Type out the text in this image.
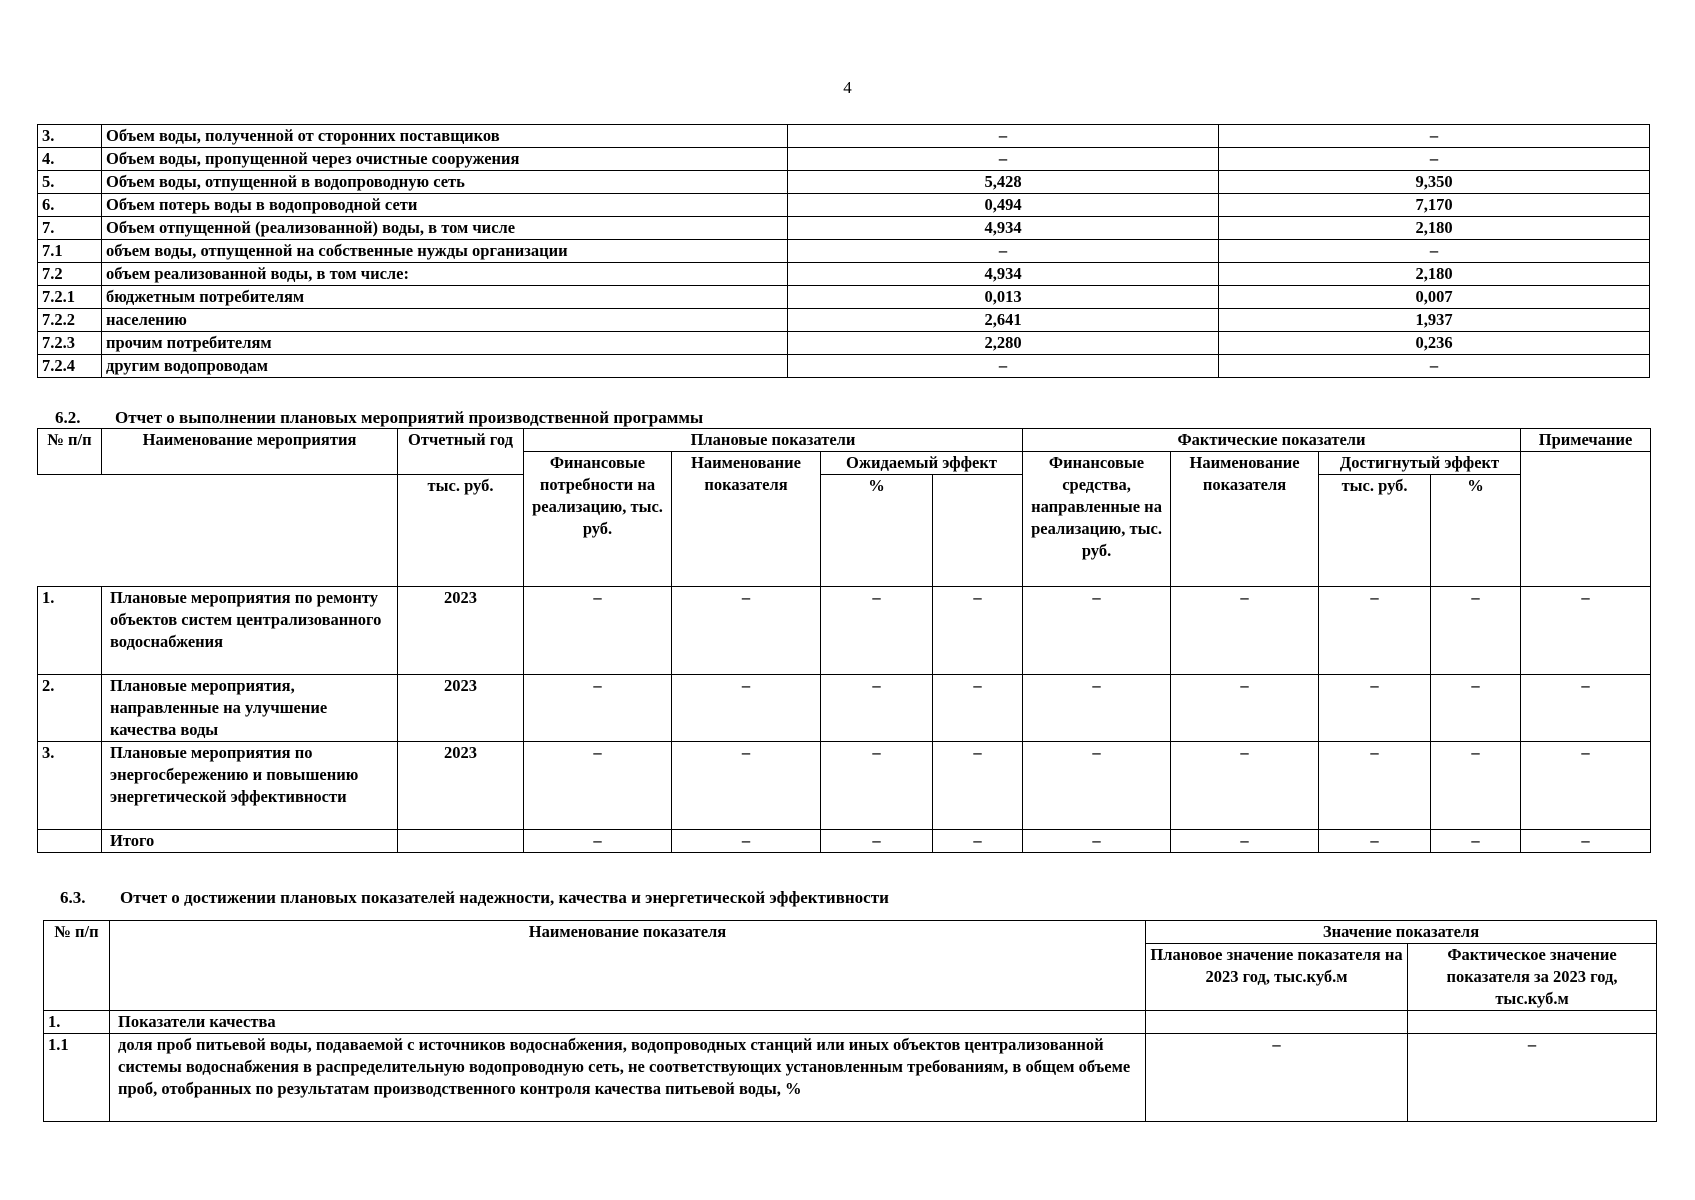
4
3.	Объем воды, полученной от сторонних поставщиков	–	–
4.	Объем воды, пропущенной через очистные сооружения	–	–
5.	Объем воды, отпущенной в водопроводную сеть	5,428	9,350
6.	Объем потерь воды в водопроводной сети	0,494	7,170
7.	Объем отпущенной (реализованной) воды, в том числе	4,934	2,180
7.1	объем воды, отпущенной на собственные нужды организации	–	–
7.2	объем реализованной воды, в том числе:	4,934	2,180
7.2.1	бюджетным потребителям	0,013	0,007
7.2.2	населению	2,641	1,937
7.2.3	прочим потребителям	2,280	0,236
7.2.4	другим водопроводам	–	–
6.2. Отчет о выполнении плановых мероприятий производственной программы
№ п/п	Наименование мероприятия	Отчетный год	Плановые показатели				Фактические показатели				Примечание
			Финансовые потребности на реализацию, тыс. руб.	Наименование показателя	Ожидаемый эффект		Финансовые средства, направленные на реализацию, тыс. руб.	Наименование показателя	Достигнутый эффект		
		тыс. руб.			%				тыс. руб.	%	
1.	Плановые мероприятия по ремонту объектов систем централизованного водоснабжения	2023	–	–	–	–	–	–	–	–	–
2.	Плановые мероприятия, направленные на улучшение качества воды	2023	–	–	–	–	–	–	–	–	–
3.	Плановые мероприятия по энергосбережению и повышению энергетической эффективности	2023	–	–	–	–	–	–	–	–	–
	Итого		–	–	–	–	–	–	–	–	–
6.3. Отчет о достижении плановых показателей надежности, качества и энергетической эффективности
№ п/п	Наименование показателя	Значение показателя	
		Плановое значение показателя на 2023 год, тыс.куб.м	Фактическое значение показателя за 2023 год, тыс.куб.м
1.	Показатели качества		
1.1	доля проб питьевой воды, подаваемой с источников водоснабжения, водопроводных станций или иных объектов централизованной системы водоснабжения в распределительную водопроводную сеть, не соответствующих установленным требованиям, в общем объеме проб, отобранных по результатам производственного контроля качества питьевой воды, %	–	–
